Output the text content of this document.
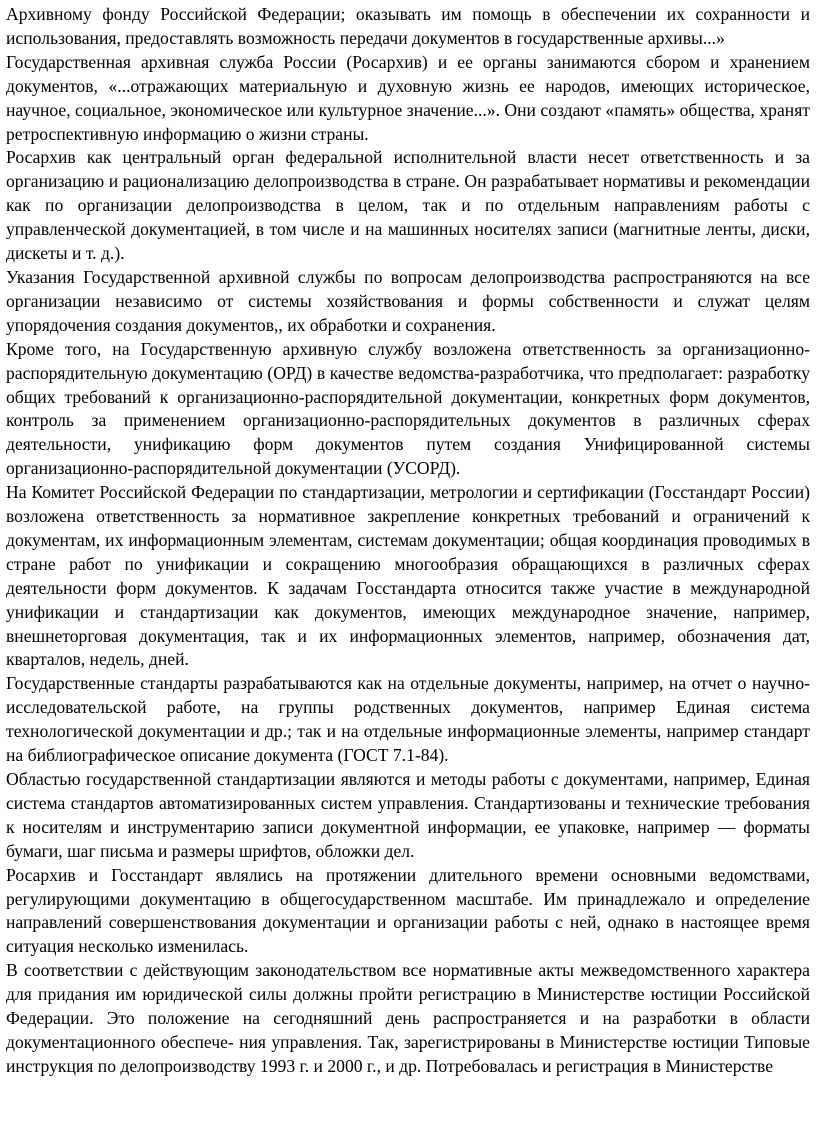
Архивному фонду Российской Федерации; оказывать им помощь в обеспечении их сохранности и использования, предоставлять возможность передачи документов в государственные архивы...»

Государственная архивная служба России (Росархив) и ее органы занимаются сбором и хранением документов, «...отражающих материальную и духовную жизнь ее народов, имеющих историческое, научное, социальное, экономическое или культурное значение...». Они создают «память» общества, хранят ретроспективную информацию о жизни страны.

Росархив как центральный орган федеральной исполнительной власти несет ответственность и за организацию и рационализацию делопроизводства в стране. Он разрабатывает нормативы и рекомендации как по организации делопроизводства в целом, так и по отдельным направлениям работы с управленческой документацией, в том числе и на машинных носителях записи (магнитные ленты, диски, дискеты и т. д.).

Указания Государственной архивной службы по вопросам делопроизводства распространяются на все организации независимо от системы хозяйствования и формы собственности и служат целям упорядочения создания документов,, их обработки и сохранения.

Кроме того, на Государственную архивную службу возложена ответственность за организационно-распорядительную документацию (ОРД) в качестве ведомства-разработчика, что предполагает: разработку общих требований к организационно-распорядительной документации, конкретных форм документов, контроль за применением организационно-распорядительных документов в различных сферах деятельности, унификацию форм документов путем создания Унифицированной системы организационно-распорядительной документации (УСОРД).

На Комитет Российской Федерации по стандартизации, метрологии и сертификации (Госстандарт России) возложена ответственность за нормативное закрепление конкретных требований и ограничений к документам, их информационным элементам, системам документации; общая координация проводимых в стране работ по унификации и сокращению многообразия обращающихся в различных сферах деятельности форм документов. К задачам Госстандарта относится также участие в международной унификации и стандартизации как документов, имеющих международное значение, например, внешнеторговая документация, так и их информационных элементов, например, обозначения дат, кварталов, недель, дней.

Государственные стандарты разрабатываются как на отдельные документы, например, на отчет о научно-исследовательской работе, на группы родственных документов, например Единая система технологической документации и др.; так и на отдельные информационные элементы, например стандарт на библиографическое описание документа (ГОСТ 7.1-84).

Областью государственной стандартизации являются и методы работы с документами, например, Единая система стандартов автоматизированных систем управления. Стандартизованы и технические требования к носителям и инструментарию записи документной информации, ее упаковке, например — форматы бумаги, шаг письма и размеры шрифтов, обложки дел.

Росархив и Госстандарт являлись на протяжении длительного времени основными ведомствами, регулирующими документацию в общегосударственном масштабе. Им принадлежало и определение направлений совершенствования документации и организации работы с ней, однако в настоящее время ситуация несколько изменилась.

В соответствии с действующим законодательством все нормативные акты межведомственного характера для придания им юридической силы должны пройти регистрацию в Министерстве юстиции Российской Федерации. Это положение на сегодняшний день распространяется и на разработки в области документационного обеспече- ния управления. Так, зарегистрированы в Министерстве юстиции Типовые инструкция по делопроизводству 1993 г. и 2000 г., и др. Потребовалась и регистрация в Министерстве
